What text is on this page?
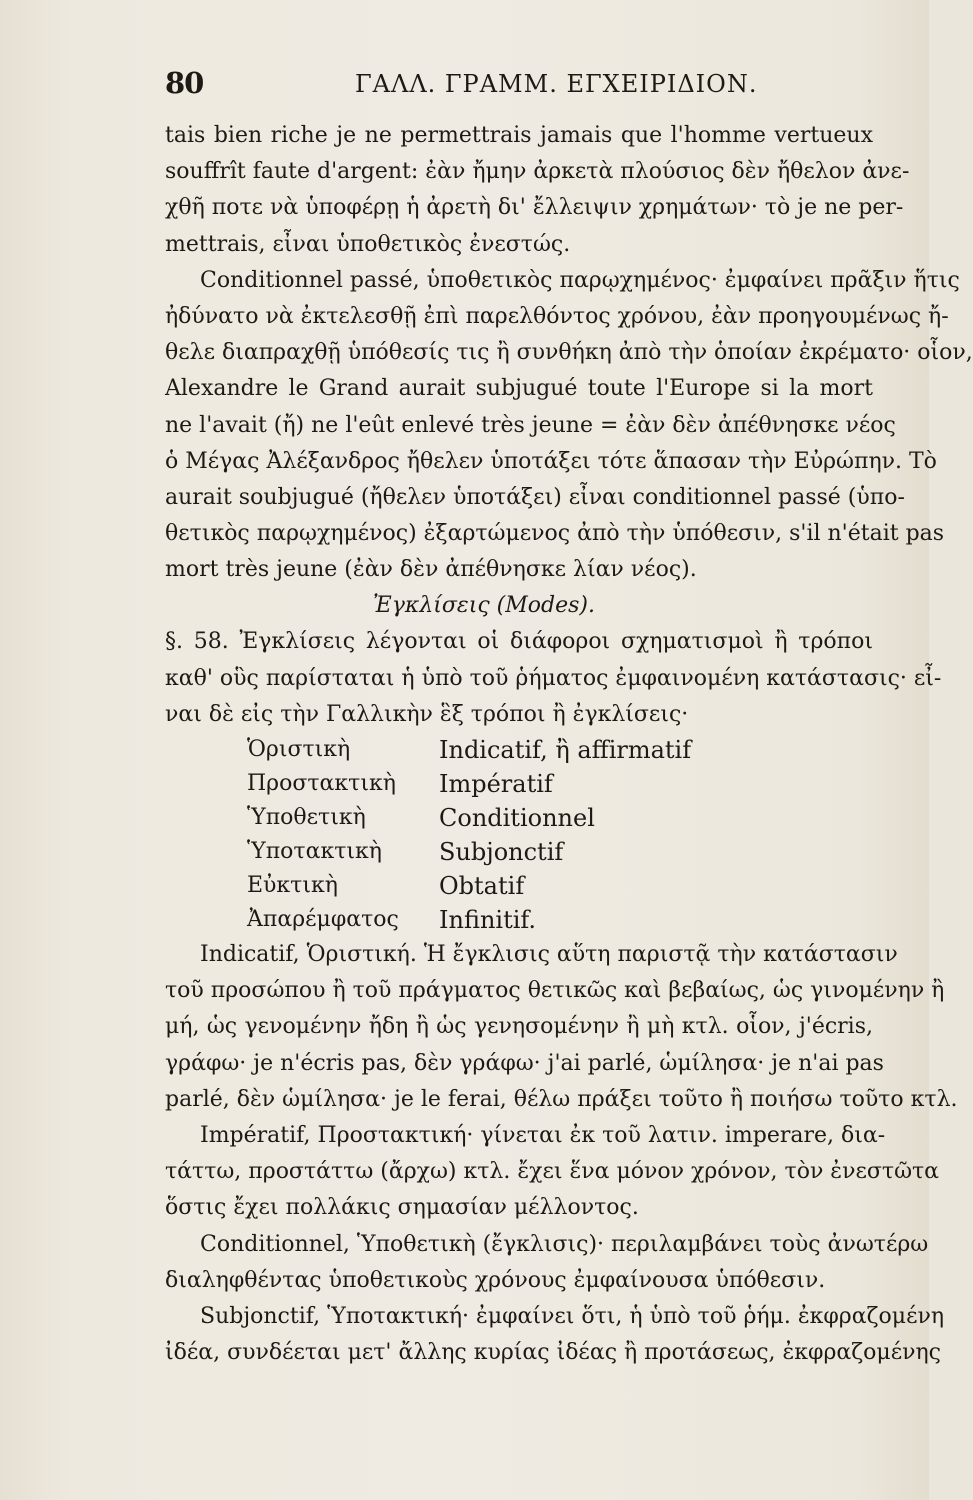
80	ΓΑΛΛ. ΓΡΑΜΜ. ΕΓΧΕΙΡΙΔΙΟΝ.
tais bien riche je ne permettrais jamais que l'homme vertueux
souffrît faute d'argent: ἐὰν ἤμην ἀρκετὰ πλούσιος δὲν ἤθελον ἀνε-
χθῆ ποτε νὰ ὑποφέρῃ ἡ ἀρετὴ δι' ἔλλειψιν χρημάτων· τὸ je ne per-
mettrais, εἶναι ὑποθετικὸς ἐνεστώς.
Conditionnel passé, ὑποθετικὸς παρῳχημένος· ἐμφαίνει πρᾶξιν ἥτις
ἠδύνατο νὰ ἐκτελεσθῇ ἐπὶ παρελθόντος χρόνου, ἐὰν προηγουμένως ἤ-
θελε διαπραχθῇ ὑπόθεσίς τις ἢ συνθήκη ἀπὸ τὴν ὁποίαν ἐκρέματο· οἷον,
Alexandre le Grand aurait subjugué toute l'Europe si la mort
ne l'avait (ἤ) ne l'eût enlevé très jeune = ἐὰν δὲν ἀπέθνησκε νέος
ὁ Μέγας Ἀλέξανδρος ἤθελεν ὑποτάξει τότε ἅπασαν τὴν Εὐρώπην. Τὸ
aurait soubjugué (ἤθελεν ὑποτάξει) εἶναι conditionnel passé (ὑπο-
θετικὸς παρῳχημένος) ἐξαρτώμενος ἀπὸ τὴν ὑπόθεσιν, s'il n'était pas
mort très jeune (ἐὰν δὲν ἀπέθνησκε λίαν νέος).
Ἐγκλίσεις (Modes).
§. 58. Ἐγκλίσεις λέγονται οἱ διάφοροι σχηματισμοὶ ἢ τρόποι
καθ' οὓς παρίσταται ἡ ὑπὸ τοῦ ῥήματος ἐμφαινομένη κατάστασις· εἶ-
ναι δὲ εἰς τὴν Γαλλικὴν ἓξ τρόποι ἢ ἐγκλίσεις·
Ὁριστικὴ	Indicatif, ἢ affirmatif
Προστακτικὴ	Impératif
Ὑποθετικὴ	Conditionnel
Ὑποτακτικὴ	Subjonctif
Εὐκτικὴ	Obtatif
Ἀπαρέμφατος	Infinitif.
Indicatif, Ὁριστική. Ἡ ἔγκλισις αὕτη παριστᾷ τὴν κατάστασιν
τοῦ προσώπου ἢ τοῦ πράγματος θετικῶς καὶ βεβαίως, ὡς γινομένην ἢ
μή, ὡς γενομένην ἤδη ἢ ὡς γενησομένην ἢ μὴ κτλ. οἷον, j'écris,
γράφω· je n'écris pas, δὲν γράφω· j'ai parlé, ὡμίλησα· je n'ai pas
parlé, δὲν ὡμίλησα· je le ferai, θέλω πράξει τοῦτο ἢ ποιήσω τοῦτο κτλ.
Impératif, Προστακτική· γίνεται ἐκ τοῦ λατιν. imperare, δια-
τάττω, προστάττω (ἄρχω) κτλ. ἔχει ἕνα μόνον χρόνον, τὸν ἐνεστῶτα
ὅστις ἔχει πολλάκις σημασίαν μέλλοντος.
Conditionnel, Ὑποθετικὴ (ἔγκλισις)· περιλαμβάνει τοὺς ἀνωτέρω
διαληφθέντας ὑποθετικοὺς χρόνους ἐμφαίνουσα ὑπόθεσιν.
Subjonctif, Ὑποτακτική· ἐμφαίνει ὅτι, ἡ ὑπὸ τοῦ ῥήμ. ἐκφραζομένη
ἰδέα, συνδέεται μετ' ἄλλης κυρίας ἰδέας ἢ προτάσεως, ἐκφραζομένης
